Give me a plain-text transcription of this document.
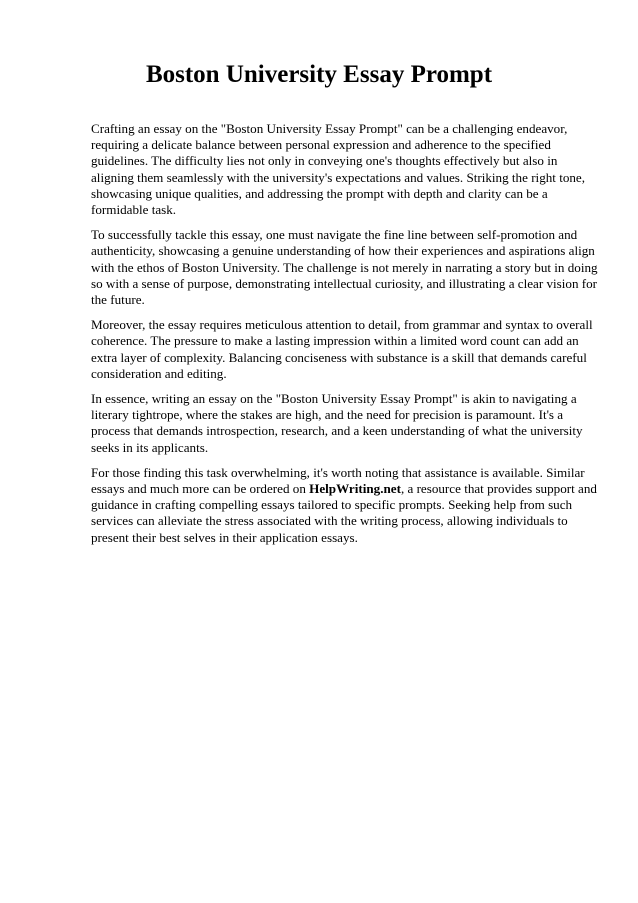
Boston University Essay Prompt

Crafting an essay on the "Boston University Essay Prompt" can be a challenging endeavor, requiring a delicate balance between personal expression and adherence to the specified guidelines. The difficulty lies not only in conveying one's thoughts effectively but also in aligning them seamlessly with the university's expectations and values. Striking the right tone, showcasing unique qualities, and addressing the prompt with depth and clarity can be a formidable task.

To successfully tackle this essay, one must navigate the fine line between self-promotion and authenticity, showcasing a genuine understanding of how their experiences and aspirations align with the ethos of Boston University. The challenge is not merely in narrating a story but in doing so with a sense of purpose, demonstrating intellectual curiosity, and illustrating a clear vision for the future.

Moreover, the essay requires meticulous attention to detail, from grammar and syntax to overall coherence. The pressure to make a lasting impression within a limited word count can add an extra layer of complexity. Balancing conciseness with substance is a skill that demands careful consideration and editing.

In essence, writing an essay on the "Boston University Essay Prompt" is akin to navigating a literary tightrope, where the stakes are high, and the need for precision is paramount. It's a process that demands introspection, research, and a keen understanding of what the university seeks in its applicants.

For those finding this task overwhelming, it's worth noting that assistance is available. Similar essays and much more can be ordered on HelpWriting.net, a resource that provides support and guidance in crafting compelling essays tailored to specific prompts. Seeking help from such services can alleviate the stress associated with the writing process, allowing individuals to present their best selves in their application essays.
